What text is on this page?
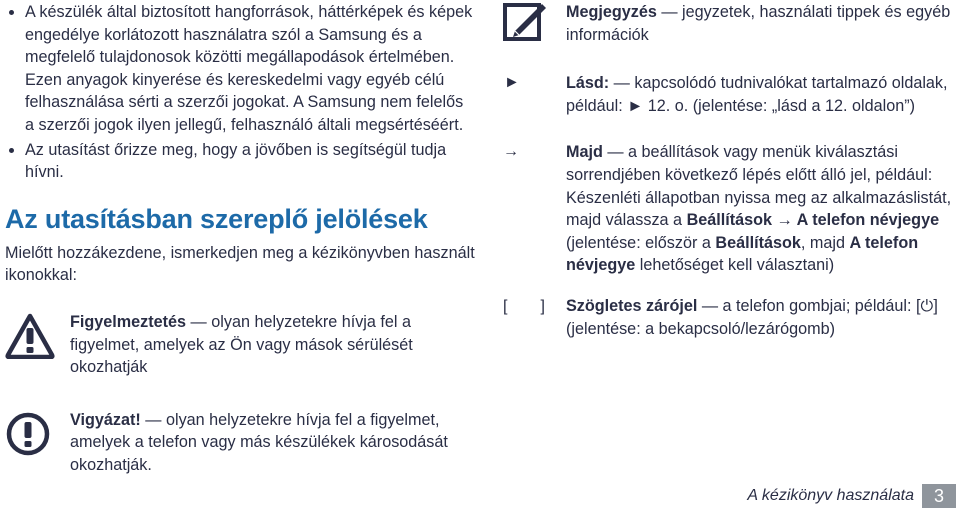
A készülék által biztosított hangforrások, háttérképek és képek engedélye korlátozott használatra szól a Samsung és a megfelelő tulajdonosok közötti megállapodások értelmében. Ezen anyagok kinyerése és kereskedelmi vagy egyéb célú felhasználása sérti a szerzői jogokat. A Samsung nem felelős a szerzői jogok ilyen jellegű, felhasználó általi megsértéséért.
Az utasítást őrizze meg, hogy a jövőben is segítségül tudja hívni.
Az utasításban szereplő jelölések
Mielőtt hozzákezdene, ismerkedjen meg a kézikönyvben használt ikonokkal:
Figyelmeztetés — olyan helyzetekre hívja fel a figyelmet, amelyek az Ön vagy mások sérülését okozhatják
Vigyázat! — olyan helyzetekre hívja fel a figyelmet, amelyek a telefon vagy más készülékek károsodását okozhatják.
Megjegyzés — jegyzetek, használati tippek és egyéb információk
►	Lásd: — kapcsolódó tudnivalókat tartalmazó oldalak, például: ► 12. o. (jelentése: „lásd a 12. oldalon”)
→	Majd — a beállítások vagy menük kiválasztási sorrendjében következő lépés előtt álló jel, például: Készenléti állapotban nyissa meg az alkalmazáslistát, majd válassza a Beállítások → A telefon névjegye (jelentése: először a Beállítások, majd A telefon névjegye lehetőséget kell választani)
[ ] Szögletes zárójel — a telefon gombjai; például: [⏻] (jelentése: a bekapcsoló/lezárógomb)
A kézikönyv használata	3
